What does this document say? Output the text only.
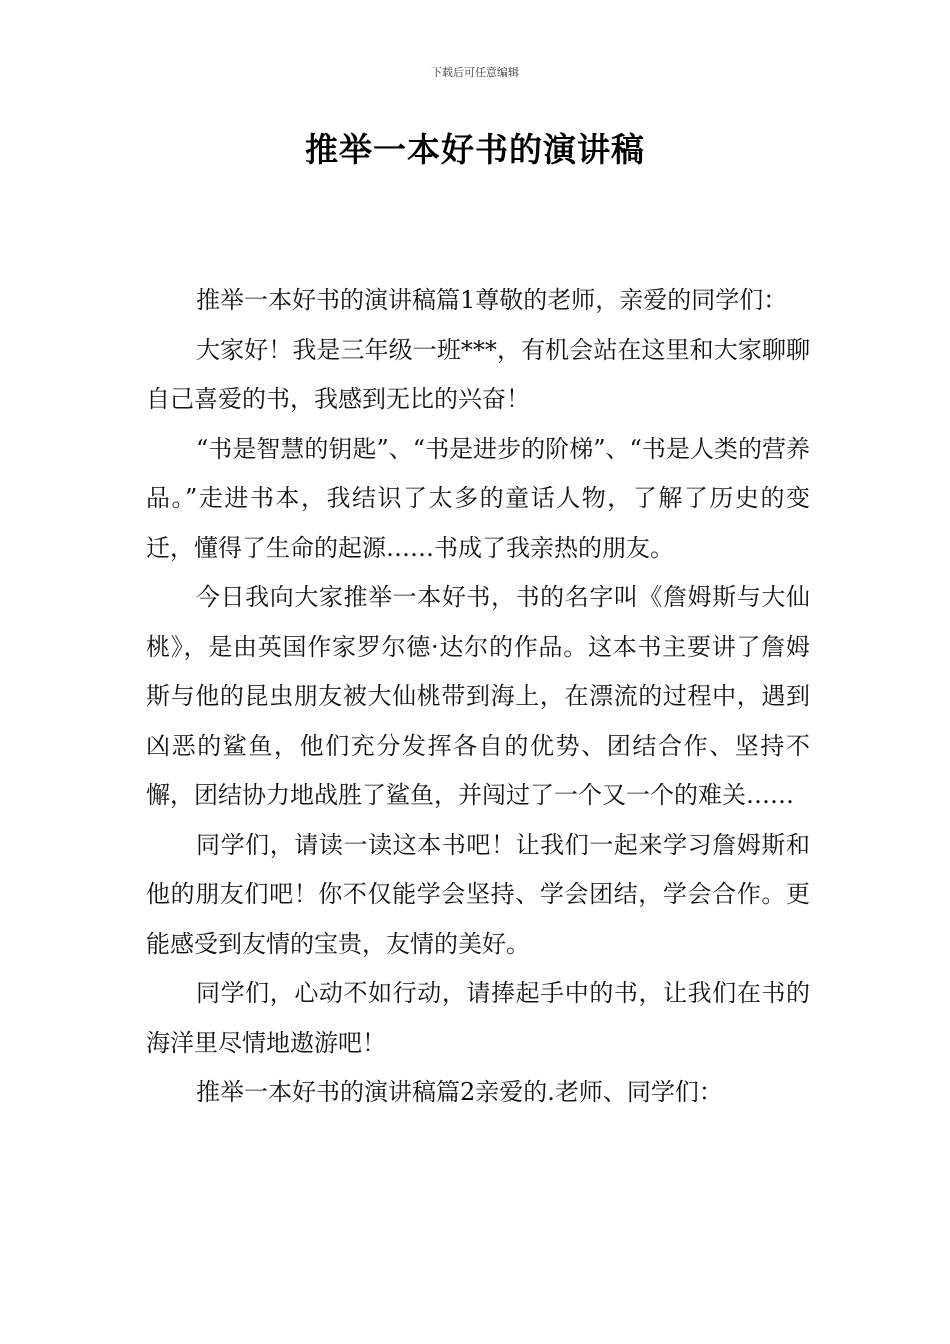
下载后可任意编辑
推举一本好书的演讲稿

推举一本好书的演讲稿篇1尊敬的老师，亲爱的同学们：

大家好！我是三年级一班***，有机会站在这里和大家聊聊自己喜爱的书，我感到无比的兴奋！

“书是智慧的钥匙”、“书是进步的阶梯”、“书是人类的营养品。”走进书本，我结识了太多的童话人物，了解了历史的变迁，懂得了生命的起源……书成了我亲热的朋友。

今日我向大家推举一本好书，书的名字叫《詹姆斯与大仙桃》，是由英国作家罗尔德·达尔的作品。这本书主要讲了詹姆斯与他的昆虫朋友被大仙桃带到海上，在漂流的过程中，遇到凶恶的鲨鱼，他们充分发挥各自的优势、团结合作、坚持不懈，团结协力地战胜了鲨鱼，并闯过了一个又一个的难关……

同学们，请读一读这本书吧！让我们一起来学习詹姆斯和他的朋友们吧！你不仅能学会坚持、学会团结，学会合作。更能感受到友情的宝贵，友情的美好。

同学们，心动不如行动，请捧起手中的书，让我们在书的海洋里尽情地遨游吧！

推举一本好书的演讲稿篇2亲爱的.老师、同学们：
